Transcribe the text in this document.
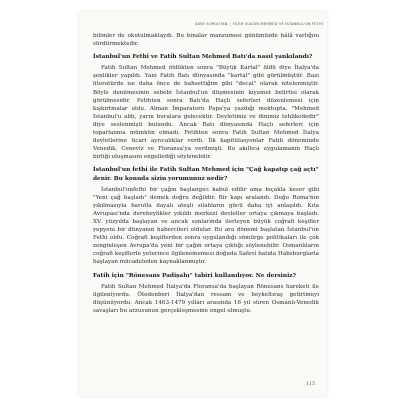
SAVE SORGUTAN | FATİH SULTAN MEHMED VE İSTANBUL'UN FETHİ

bilimler de okutulmaktaydı. Bu binalar manzumesi günümüzde hâlâ varlığını sürdürmektedir.

İstanbul'un Fethi ve Fatih Sultan Mehmed Batı'da nasıl yankılandı?

Fatih Sultan Mehmed öldükten sonra "Büyük Kartal" öldü diye İtalya'da şenlikler yapıldı. Yani Fatih Batı dünyasında "kartal" gibi görülmüştür. Bazı literatürde ise daha önce de bahsettiğim gibi "decal" olarak nitelenmiştir. Böyle denilmesinin sebebi İstanbul'un düşmesinin kıyamet belirtisi olarak görülmesidir. Fetihten sonra Batı'da Haçlı seferleri düzenlemesi için kışkırtmalar oldu. Alman İmparatoru Papa'ya yazdığı mektupta, "Mehmed İstanbul'u aldı, yarın buralara gelecektir. Devletimiz ve dinimiz tehlikededir" diye seslenmişti bulundu. Ancak Batı dünyasında Haçlı seferleri için toparlanma mümkün olmadı. Fetihten sonra Fatih Sultan Mehmed İtalya devletlerine ticari ayrıcalıklar verdi. İlk kapitülasyonlar Fatih döneminde Venedik, Ceneviz ve Floransa'ya verilmişti. Bu akıllıca uygulamanın Haçlı birliği oluşmasını engellediği söylenebilir.

İstanbul'un fethi ile Fatih Sultan Mehmed için "Çağ kapatıp çağ açtı" denir. Bu konuda sizin yorumunuz nedir?

İstanbul'unfethi bir çağın başlangıcı kabul edilir ama bıçakla keser gibi "Yeni çağ başladı" demek doğru değildir. Bir kapı aralandı. Doğu Roma'nın yıkılmasıyla barutla dayalı ateşli silahların gücü daha iyi anlaşıldı. Kıta Avrupası'nda derebeylikler yıkıldı merkezi devletler ortaya çıkmaya başladı. XV. yüzyılda başlayan ve ancak sonlarında ilerleyen büyük coğrafi keşifler yepyeni bir dünyanın habercileri oldular. Bu ara dönemi başlatan İstanbul'un Fethi oldu. Coğrafi keşiflerden sonra uygulandığı sömürge politikaları ile çok zenginleşen Avrupa'da yeni bir çağın ortaya çıktığı söylenebilir. Osmanlıların coğrafi keşiflerle yeterince ilgilenememesi doğuda Safevî batıda Habsburglarla başlayan mücadeleden kaynaklanmıştır.

Fatih için "Rönesans Padişahı" tabiri kullanılıyor. Ne dersiniz?

Fatih Sultan Mehmed İtalya'da Floransa'da başlayan Rönesans hareketi ile ilgileniyordu. Ötedenberi İtalya'dan ressam ve heykeltıraş getirtmeyi düşünüyordu. Ancak 1463-1479 yılları arasında 16 yıl süren Osmanlı-Venedik savaşları bu arzusunun gerçekleşmesine engel olmuştu.

115
